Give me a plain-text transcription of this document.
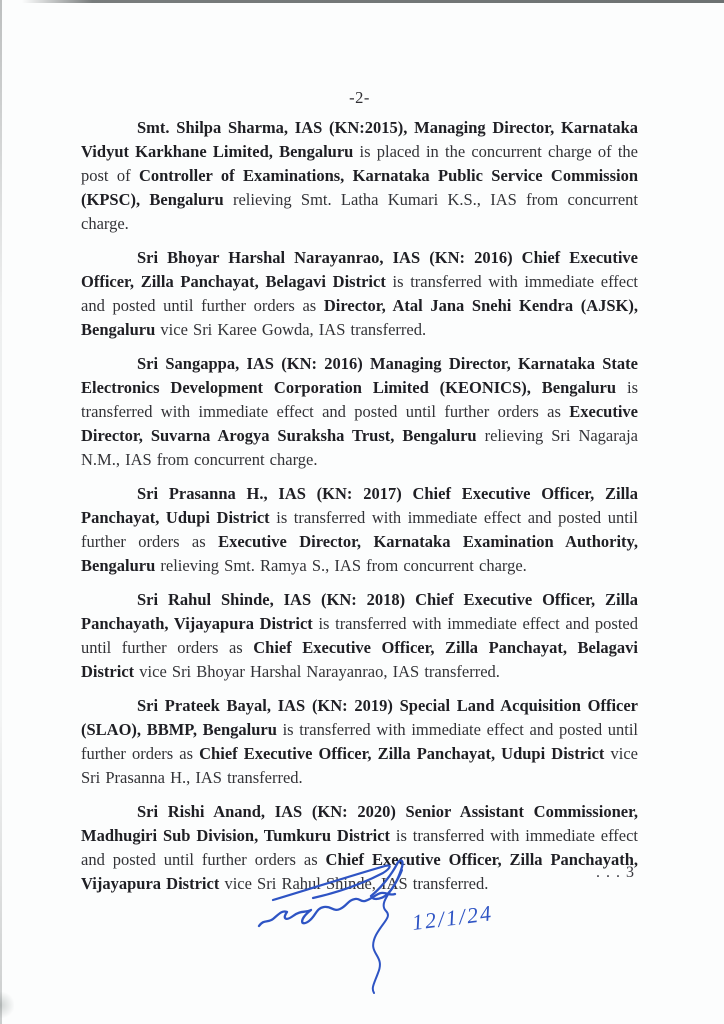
-2-

Smt. Shilpa Sharma, IAS (KN:2015), Managing Director, Karnataka Vidyut Karkhane Limited, Bengaluru is placed in the concurrent charge of the post of Controller of Examinations, Karnataka Public Service Commission (KPSC), Bengaluru relieving Smt. Latha Kumari K.S., IAS from concurrent charge.

Sri Bhoyar Harshal Narayanrao, IAS (KN: 2016) Chief Executive Officer, Zilla Panchayat, Belagavi District is transferred with immediate effect and posted until further orders as Director, Atal Jana Snehi Kendra (AJSK), Bengaluru vice Sri Karee Gowda, IAS transferred.

Sri Sangappa, IAS (KN: 2016) Managing Director, Karnataka State Electronics Development Corporation Limited (KEONICS), Bengaluru is transferred with immediate effect and posted until further orders as Executive Director, Suvarna Arogya Suraksha Trust, Bengaluru relieving Sri Nagaraja N.M., IAS from concurrent charge.

Sri Prasanna H., IAS (KN: 2017) Chief Executive Officer, Zilla Panchayat, Udupi District is transferred with immediate effect and posted until further orders as Executive Director, Karnataka Examination Authority, Bengaluru relieving Smt. Ramya S., IAS from concurrent charge.

Sri Rahul Shinde, IAS (KN: 2018) Chief Executive Officer, Zilla Panchayath, Vijayapura District is transferred with immediate effect and posted until further orders as Chief Executive Officer, Zilla Panchayat, Belagavi District vice Sri Bhoyar Harshal Narayanrao, IAS transferred.

Sri Prateek Bayal, IAS (KN: 2019) Special Land Acquisition Officer (SLAO), BBMP, Bengaluru is transferred with immediate effect and posted until further orders as Chief Executive Officer, Zilla Panchayat, Udupi District vice Sri Prasanna H., IAS transferred.

Sri Rishi Anand, IAS (KN: 2020) Senior Assistant Commissioner, Madhugiri Sub Division, Tumkuru District is transferred with immediate effect and posted until further orders as Chief Executive Officer, Zilla Panchayath, Vijayapura District vice Sri Rahul Shinde, IAS transferred.

. . . 3
12/1/24
